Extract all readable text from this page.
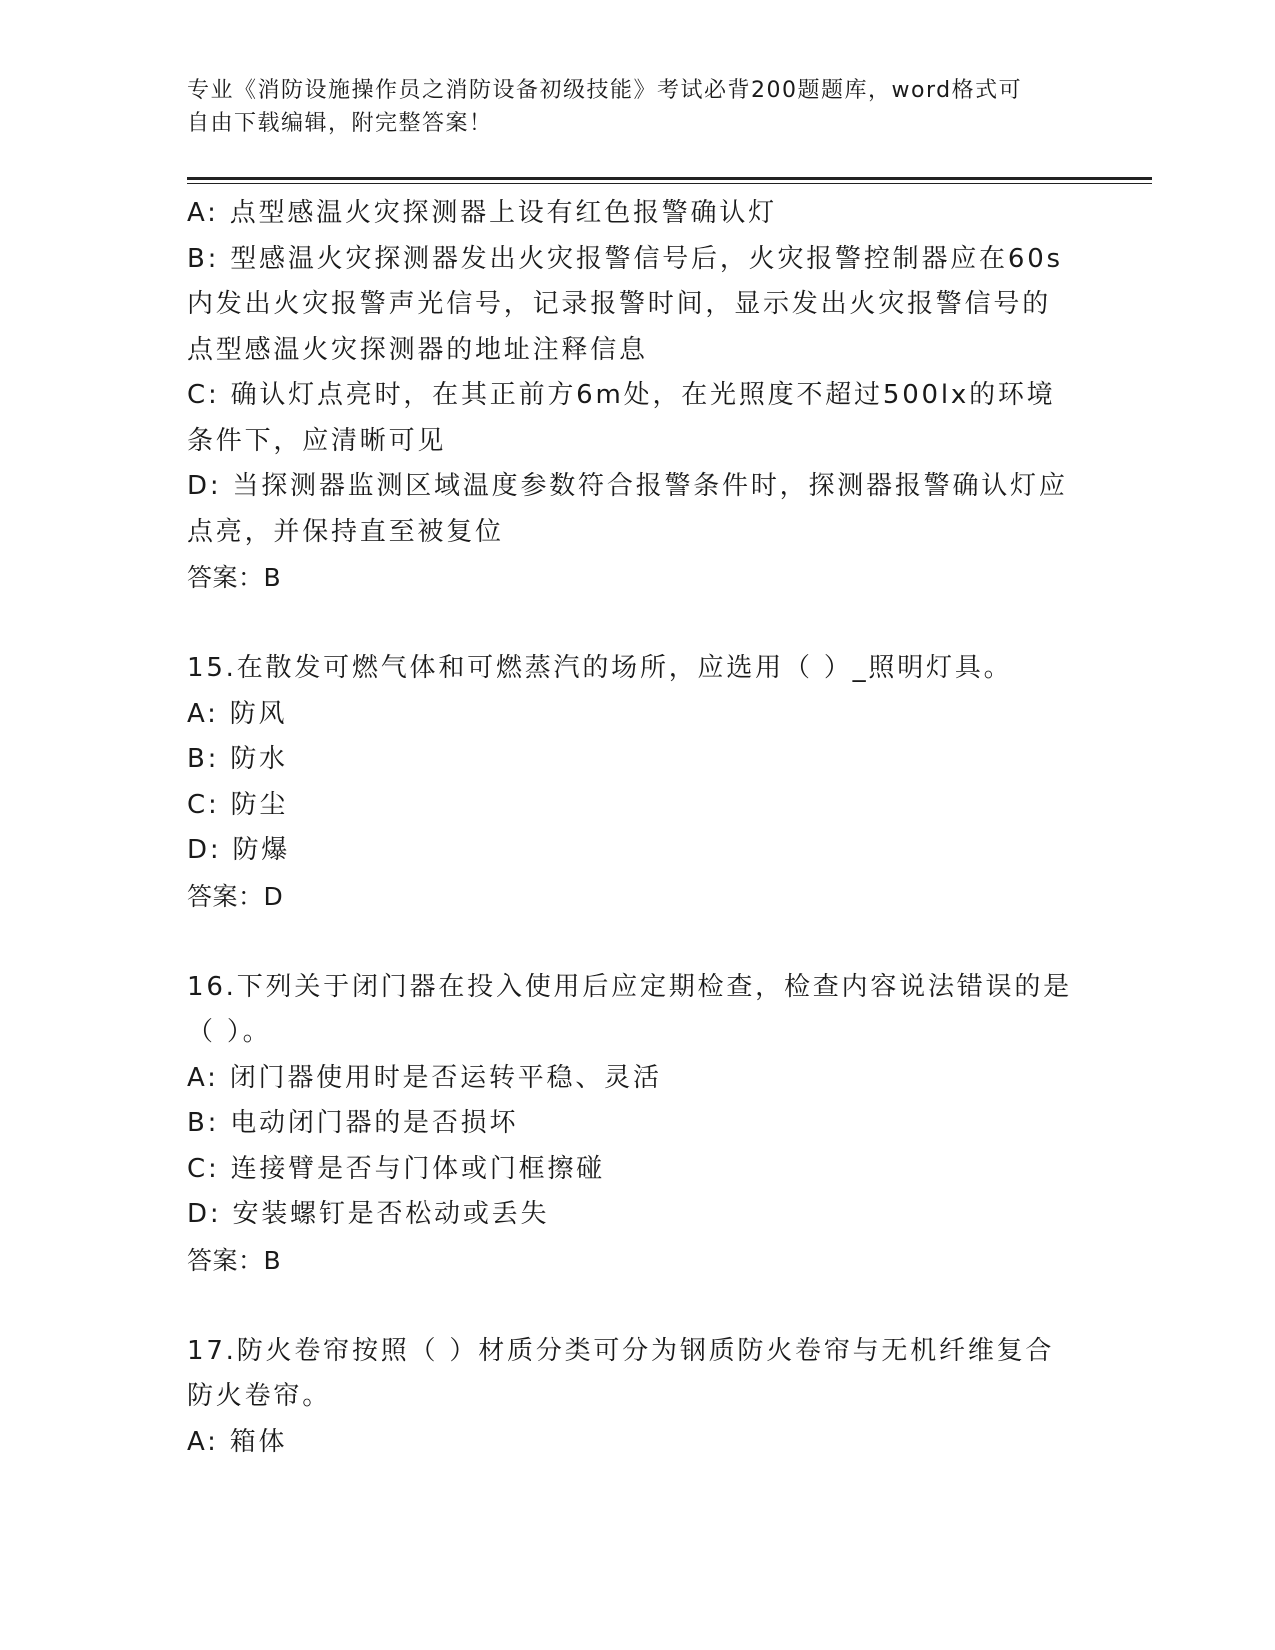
专业《消防设施操作员之消防设备初级技能》考试必背200题题库，word格式可
自由下载编辑，附完整答案！
A: 点型感温火灾探测器上设有红色报警确认灯
B: 型感温火灾探测器发出火灾报警信号后，火灾报警控制器应在60s
内发出火灾报警声光信号，记录报警时间，显示发出火灾报警信号的
点型感温火灾探测器的地址注释信息
C: 确认灯点亮时，在其正前方6m处，在光照度不超过500lx的环境
条件下，应清晰可见
D: 当探测器监测区域温度参数符合报警条件时，探测器报警确认灯应
点亮，并保持直至被复位
答案：B
15.在散发可燃气体和可燃蒸汽的场所，应选用（ ）_照明灯具。
A: 防风
B: 防水
C: 防尘
D: 防爆
答案：D
16.下列关于闭门器在投入使用后应定期检查，检查内容说法错误的是
（ ）。
A: 闭门器使用时是否运转平稳、灵活
B: 电动闭门器的是否损坏
C: 连接臂是否与门体或门框擦碰
D: 安装螺钉是否松动或丢失
答案：B
17.防火卷帘按照（ ）材质分类可分为钢质防火卷帘与无机纤维复合
防火卷帘。
A: 箱体
